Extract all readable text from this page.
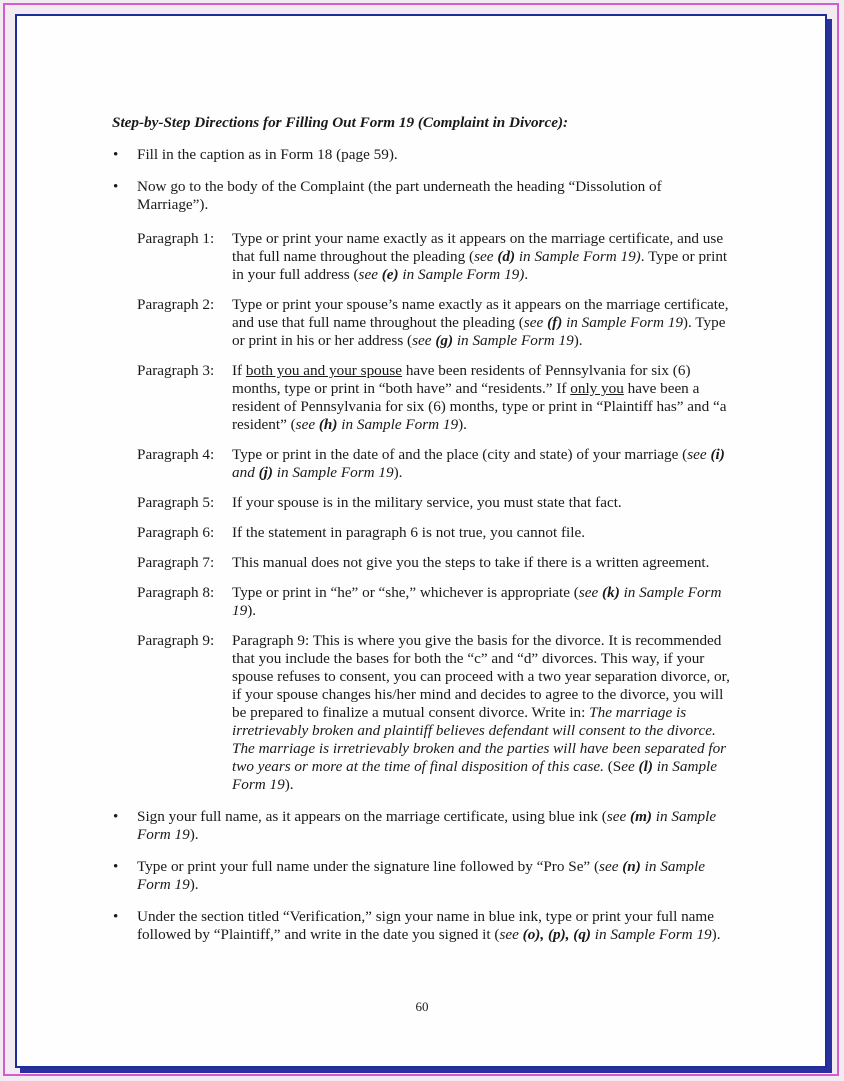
Step-by-Step Directions for Filling Out Form 19 (Complaint in Divorce):

• Fill in the caption as in Form 18 (page 59).
• Now go to the body of the Complaint (the part underneath the heading “Dissolution of Marriage”).
Paragraph 1:	Type or print your name exactly as it appears on the marriage certificate, and use that full name throughout the pleading (see (d) in Sample Form 19). Type or print in your full address (see (e) in Sample Form 19).
Paragraph 2:	Type or print your spouse’s name exactly as it appears on the marriage certificate, and use that full name throughout the pleading (see (f) in Sample Form 19). Type or print in his or her address (see (g) in Sample Form 19).
Paragraph 3:	If both you and your spouse have been residents of Pennsylvania for six (6) months, type or print in “both have” and “residents.” If only you have been a resident of Pennsylvania for six (6) months, type or print in “Plaintiff has” and “a resident” (see (h) in Sample Form 19).
Paragraph 4:	Type or print in the date of and the place (city and state) of your marriage (see (i) and (j) in Sample Form 19).
Paragraph 5:	If your spouse is in the military service, you must state that fact.
Paragraph 6:	If the statement in paragraph 6 is not true, you cannot file.
Paragraph 7:	This manual does not give you the steps to take if there is a written agreement.
Paragraph 8:	Type or print in “he” or “she,” whichever is appropriate (see (k) in Sample Form 19).
Paragraph 9:	Paragraph 9: This is where you give the basis for the divorce. It is recommended that you include the bases for both the “c” and “d” divorces. This way, if your spouse refuses to consent, you can proceed with a two year separation divorce, or, if your spouse changes his/her mind and decides to agree to the divorce, you will be prepared to finalize a mutual consent divorce. Write in: The marriage is irretrievably broken and plaintiff believes defendant will consent to the divorce. The marriage is irretrievably broken and the parties will have been separated for two years or more at the time of final disposition of this case. (See (l) in Sample Form 19).
• Sign your full name, as it appears on the marriage certificate, using blue ink (see (m) in Sample Form 19).
• Type or print your full name under the signature line followed by “Pro Se” (see (n) in Sample Form 19).
• Under the section titled “Verification,” sign your name in blue ink, type or print your full name followed by “Plaintiff,” and write in the date you signed it (see (o), (p), (q) in Sample Form 19).
60
